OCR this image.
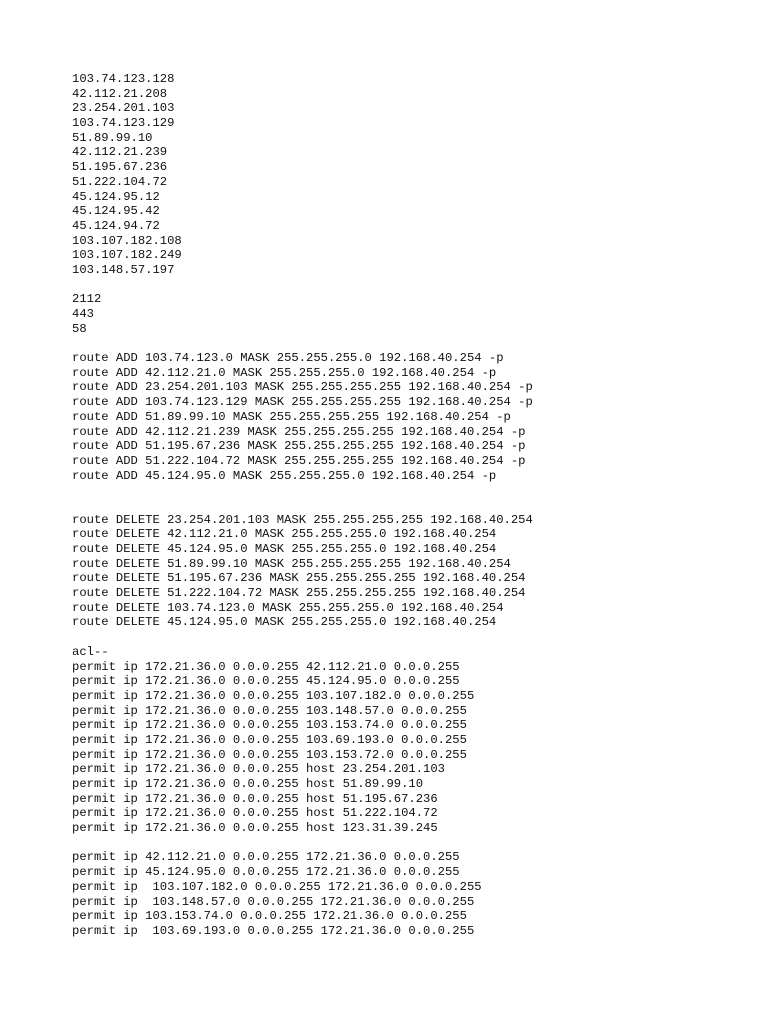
103.74.123.128
42.112.21.208
23.254.201.103
103.74.123.129
51.89.99.10
42.112.21.239
51.195.67.236
51.222.104.72
45.124.95.12
45.124.95.42
45.124.94.72
103.107.182.108
103.107.182.249
103.148.57.197
2112
443
58
route ADD 103.74.123.0 MASK 255.255.255.0 192.168.40.254 -p
route ADD 42.112.21.0 MASK 255.255.255.0 192.168.40.254 -p
route ADD 23.254.201.103 MASK 255.255.255.255 192.168.40.254 -p
route ADD 103.74.123.129 MASK 255.255.255.255 192.168.40.254 -p
route ADD 51.89.99.10 MASK 255.255.255.255 192.168.40.254 -p
route ADD 42.112.21.239 MASK 255.255.255.255 192.168.40.254 -p
route ADD 51.195.67.236 MASK 255.255.255.255 192.168.40.254 -p
route ADD 51.222.104.72 MASK 255.255.255.255 192.168.40.254 -p
route ADD 45.124.95.0 MASK 255.255.255.0 192.168.40.254 -p
route DELETE 23.254.201.103 MASK 255.255.255.255 192.168.40.254
route DELETE 42.112.21.0 MASK 255.255.255.0 192.168.40.254
route DELETE 45.124.95.0 MASK 255.255.255.0 192.168.40.254
route DELETE 51.89.99.10 MASK 255.255.255.255 192.168.40.254
route DELETE 51.195.67.236 MASK 255.255.255.255 192.168.40.254
route DELETE 51.222.104.72 MASK 255.255.255.255 192.168.40.254
route DELETE 103.74.123.0 MASK 255.255.255.0 192.168.40.254
route DELETE 45.124.95.0 MASK 255.255.255.0 192.168.40.254
acl--
permit ip 172.21.36.0 0.0.0.255 42.112.21.0 0.0.0.255
permit ip 172.21.36.0 0.0.0.255 45.124.95.0 0.0.0.255
permit ip 172.21.36.0 0.0.0.255 103.107.182.0 0.0.0.255
permit ip 172.21.36.0 0.0.0.255 103.148.57.0 0.0.0.255
permit ip 172.21.36.0 0.0.0.255 103.153.74.0 0.0.0.255
permit ip 172.21.36.0 0.0.0.255 103.69.193.0 0.0.0.255
permit ip 172.21.36.0 0.0.0.255 103.153.72.0 0.0.0.255
permit ip 172.21.36.0 0.0.0.255 host 23.254.201.103
permit ip 172.21.36.0 0.0.0.255 host 51.89.99.10
permit ip 172.21.36.0 0.0.0.255 host 51.195.67.236
permit ip 172.21.36.0 0.0.0.255 host 51.222.104.72
permit ip 172.21.36.0 0.0.0.255 host 123.31.39.245
permit ip 42.112.21.0 0.0.0.255 172.21.36.0 0.0.0.255
permit ip 45.124.95.0 0.0.0.255 172.21.36.0 0.0.0.255
permit ip  103.107.182.0 0.0.0.255 172.21.36.0 0.0.0.255
permit ip  103.148.57.0 0.0.0.255 172.21.36.0 0.0.0.255
permit ip 103.153.74.0 0.0.0.255 172.21.36.0 0.0.0.255
permit ip  103.69.193.0 0.0.0.255 172.21.36.0 0.0.0.255
